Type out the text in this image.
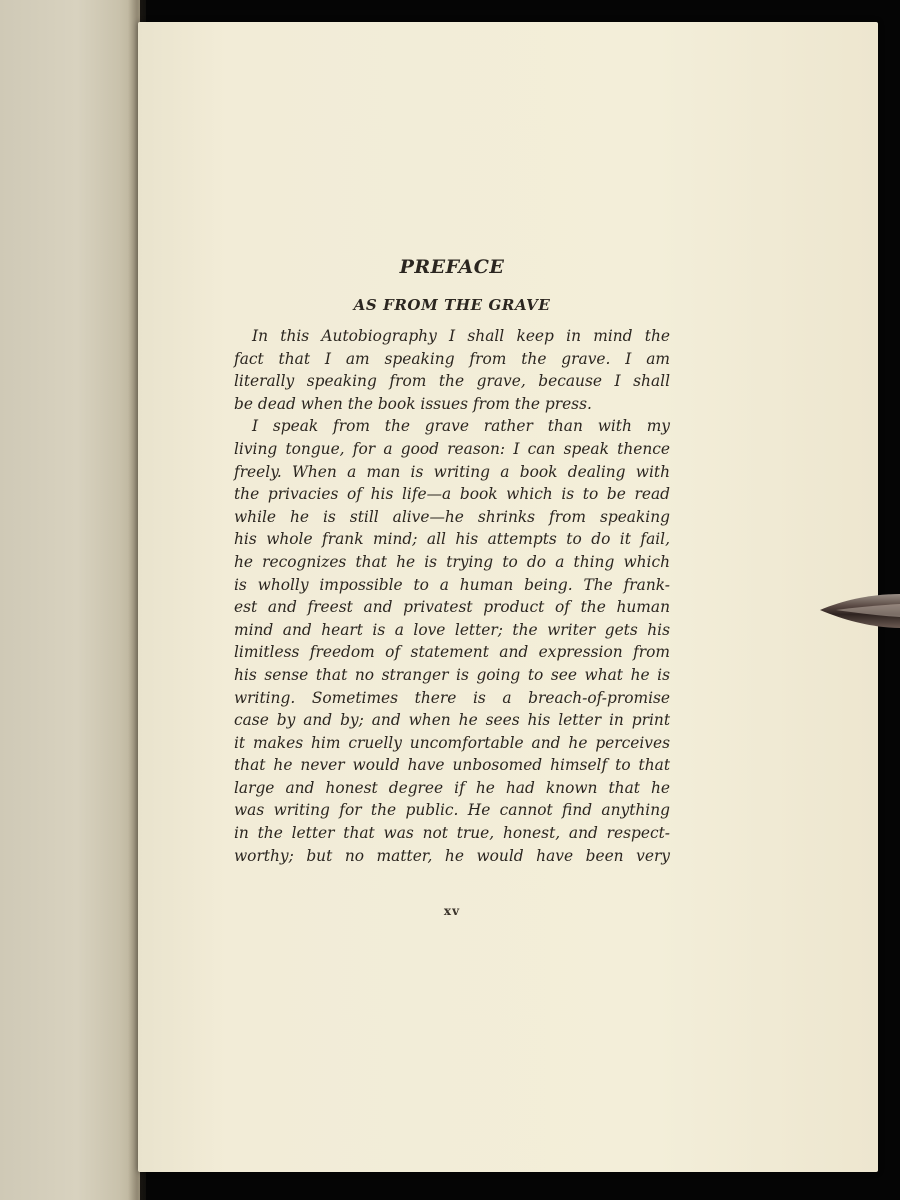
PREFACE
AS FROM THE GRAVE
In this Autobiography I shall keep in mind the
fact that I am speaking from the grave. I am
literally speaking from the grave, because I shall
be dead when the book issues from the press.
I speak from the grave rather than with my
living tongue, for a good reason: I can speak thence
freely. When a man is writing a book dealing with
the privacies of his life—a book which is to be read
while he is still alive—he shrinks from speaking
his whole frank mind; all his attempts to do it fail,
he recognizes that he is trying to do a thing which
is wholly impossible to a human being. The frank-
est and freest and privatest product of the human
mind and heart is a love letter; the writer gets his
limitless freedom of statement and expression from
his sense that no stranger is going to see what he is
writing. Sometimes there is a breach-of-promise
case by and by; and when he sees his letter in print
it makes him cruelly uncomfortable and he perceives
that he never would have unbosomed himself to that
large and honest degree if he had known that he
was writing for the public. He cannot find anything
in the letter that was not true, honest, and respect-
worthy; but no matter, he would have been very
xv
